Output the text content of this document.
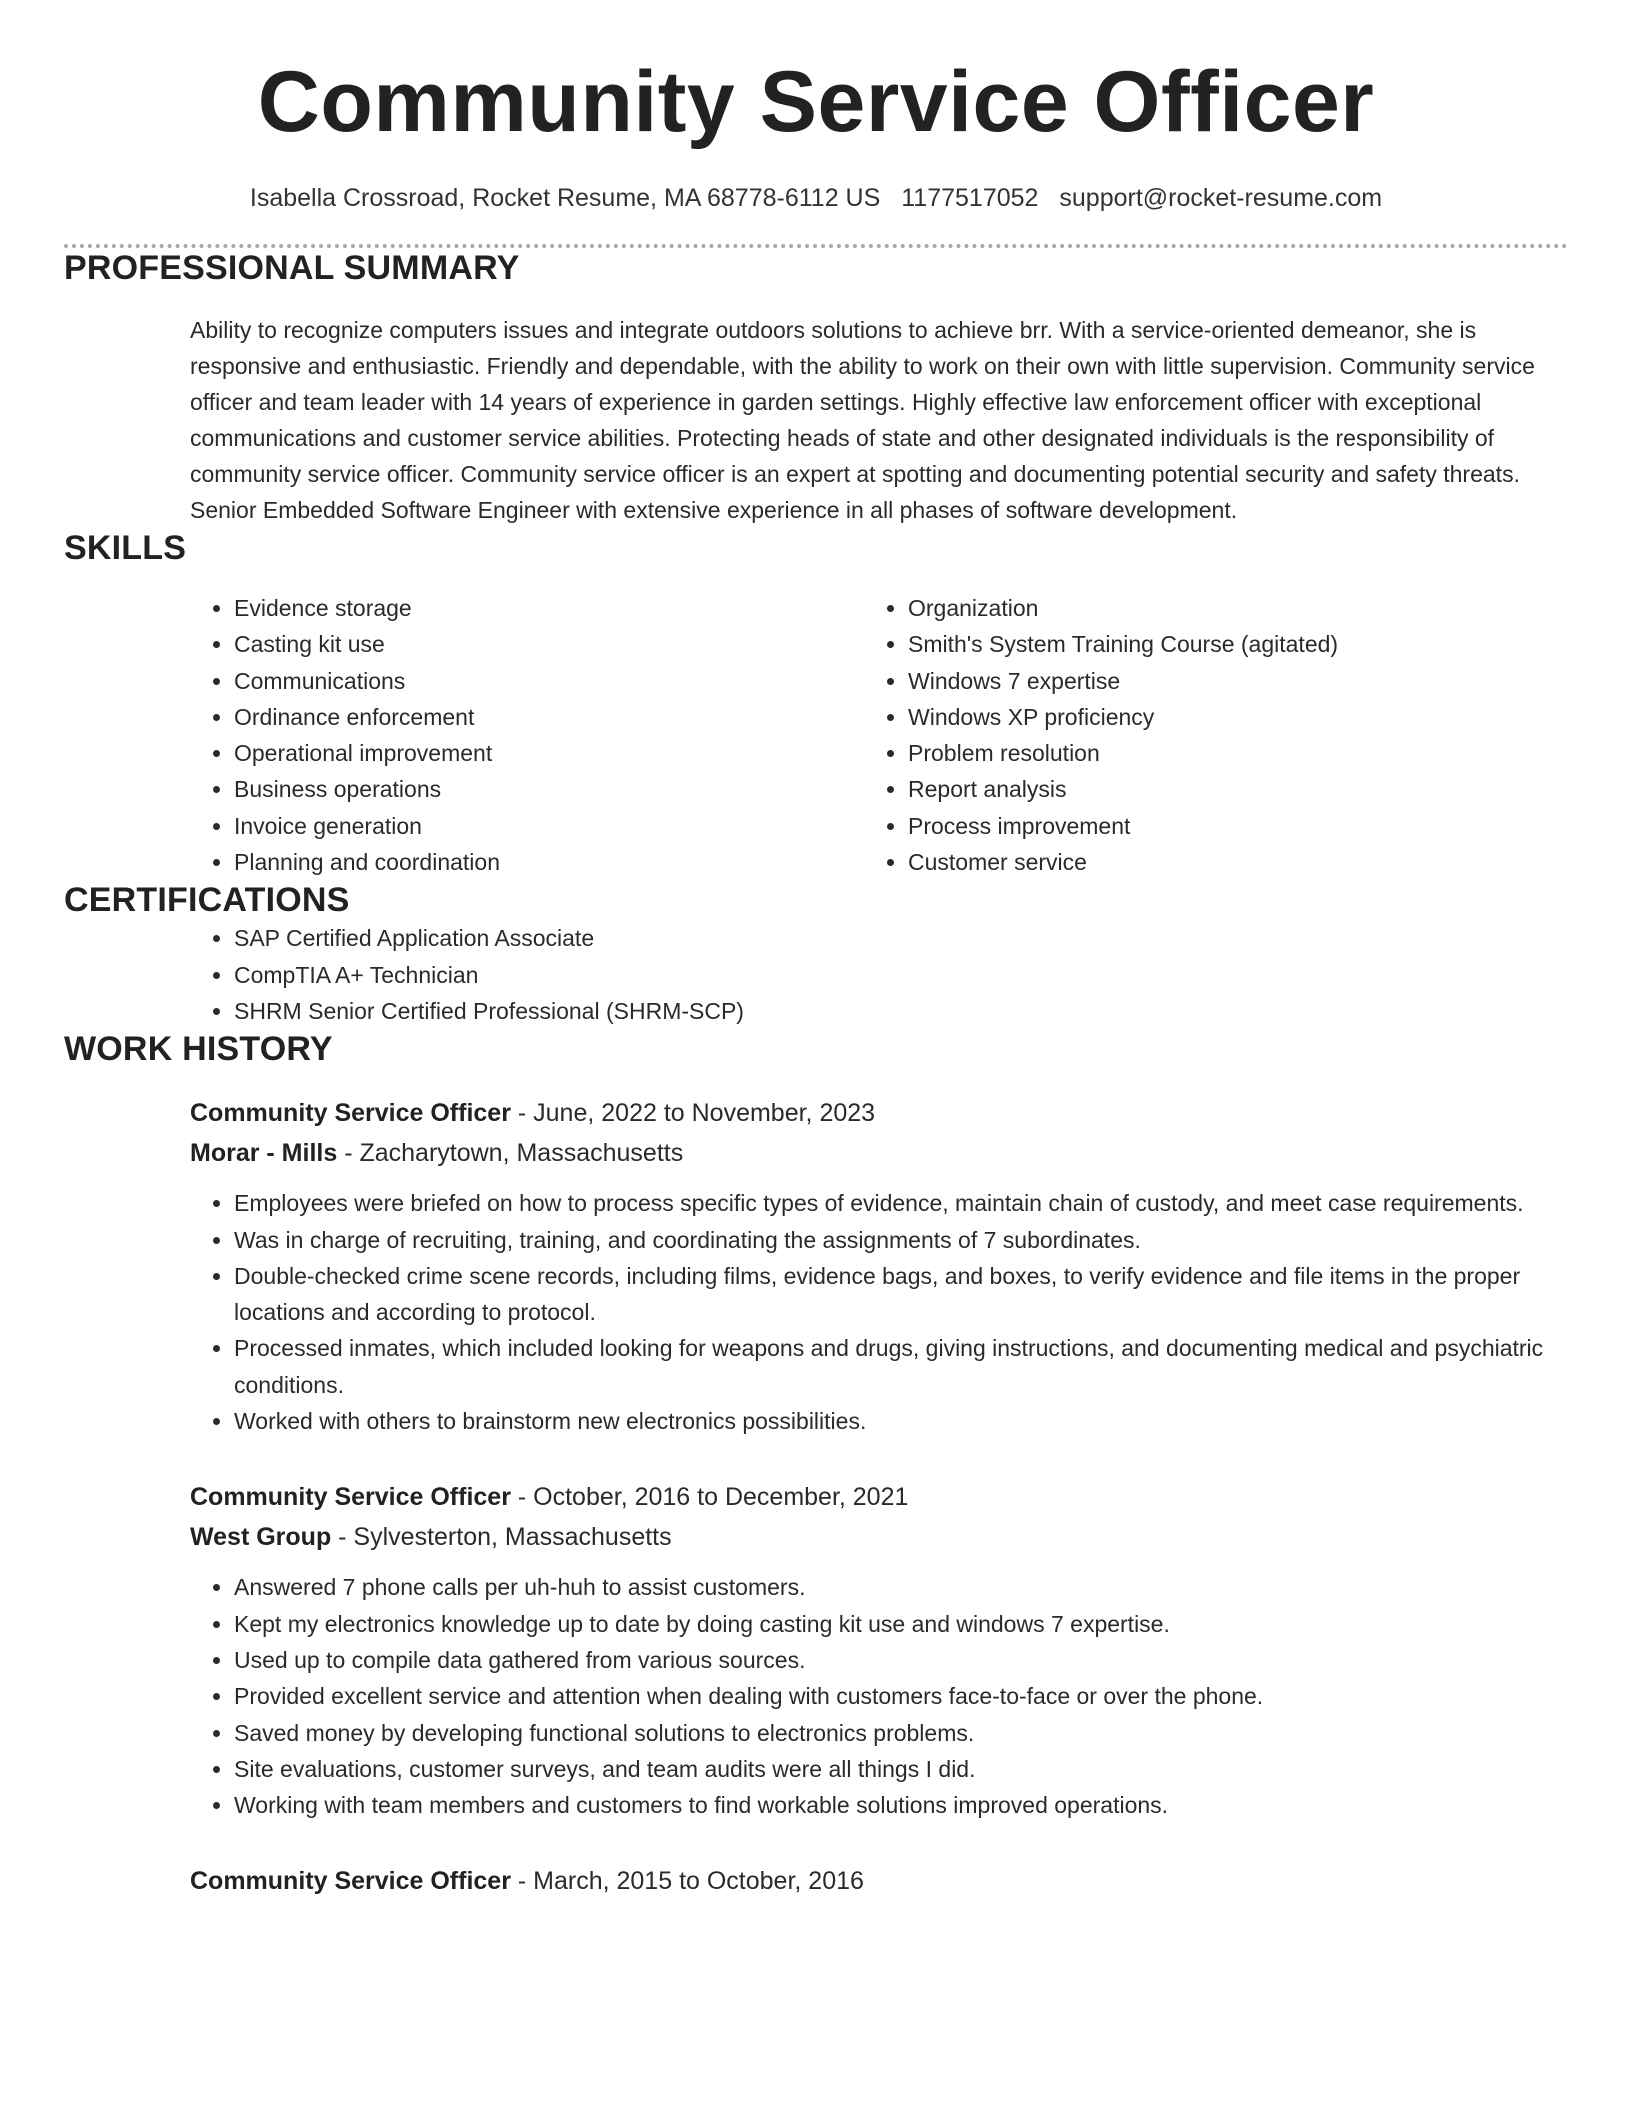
Community Service Officer
Isabella Crossroad, Rocket Resume, MA 68778-6112 US 1177517052 support@rocket-resume.com
PROFESSIONAL SUMMARY

Ability to recognize computers issues and integrate outdoors solutions to achieve brr. With a service-oriented demeanor, she is responsive and enthusiastic. Friendly and dependable, with the ability to work on their own with little supervision. Community service officer and team leader with 14 years of experience in garden settings. Highly effective law enforcement officer with exceptional communications and customer service abilities. Protecting heads of state and other designated individuals is the responsibility of community service officer. Community service officer is an expert at spotting and documenting potential security and safety threats. Senior Embedded Software Engineer with extensive experience in all phases of software development.

SKILLS
• Evidence storage
• Casting kit use
• Communications
• Ordinance enforcement
• Operational improvement
• Business operations
• Invoice generation
• Planning and coordination
• Organization
• Smith's System Training Course (agitated)
• Windows 7 expertise
• Windows XP proficiency
• Problem resolution
• Report analysis
• Process improvement
• Customer service
CERTIFICATIONS
• SAP Certified Application Associate
• CompTIA A+ Technician
• SHRM Senior Certified Professional (SHRM-SCP)
WORK HISTORY
Community Service Officer - June, 2022 to November, 2023
Morar - Mills - Zacharytown, Massachusetts
• Employees were briefed on how to process specific types of evidence, maintain chain of custody, and meet case requirements.
• Was in charge of recruiting, training, and coordinating the assignments of 7 subordinates.
• Double-checked crime scene records, including films, evidence bags, and boxes, to verify evidence and file items in the proper locations and according to protocol.
• Processed inmates, which included looking for weapons and drugs, giving instructions, and documenting medical and psychiatric conditions.
• Worked with others to brainstorm new electronics possibilities.
Community Service Officer - October, 2016 to December, 2021
West Group - Sylvesterton, Massachusetts
• Answered 7 phone calls per uh-huh to assist customers.
• Kept my electronics knowledge up to date by doing casting kit use and windows 7 expertise.
• Used up to compile data gathered from various sources.
• Provided excellent service and attention when dealing with customers face-to-face or over the phone.
• Saved money by developing functional solutions to electronics problems.
• Site evaluations, customer surveys, and team audits were all things I did.
• Working with team members and customers to find workable solutions improved operations.
Community Service Officer - March, 2015 to October, 2016
